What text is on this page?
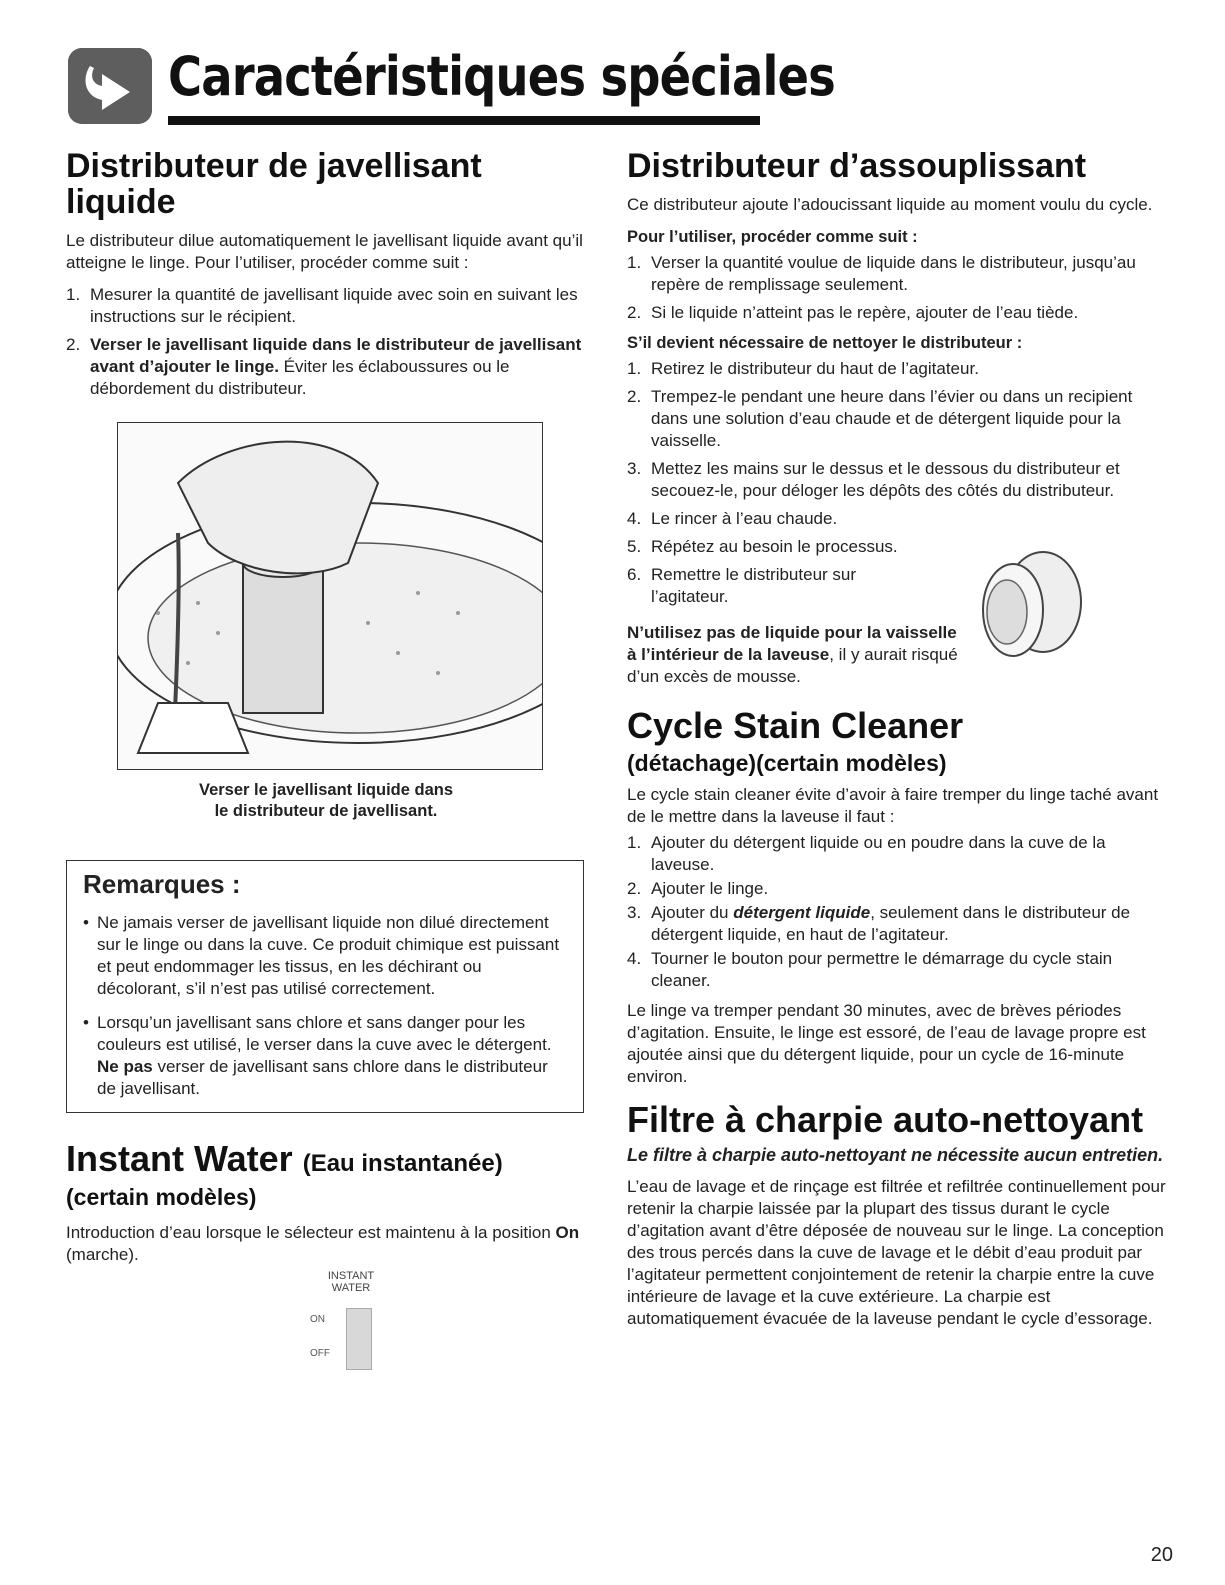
Caractéristiques spéciales
Distributeur de javellisant liquide

Le distributeur dilue automatiquement le javellisant liquide avant qu’il atteigne le linge. Pour l’utiliser, procéder comme suit :

1. Mesurer la quantité de javellisant liquide avec soin en suivant les instructions sur le récipient.
2. Verser le javellisant liquide dans le distributeur de javellisant avant d’ajouter le linge. Éviter les éclaboussures ou le débordement du distributeur.

Verser le javellisant liquide dans
le distributeur de javellisant.

Remarques :
• Ne jamais verser de javellisant liquide non dilué directement sur le linge ou dans la cuve. Ce produit chimique est puissant et peut endommager les tissus, en les déchirant ou décolorant, s’il n’est pas utilisé correctement.
• Lorsqu’un javellisant sans chlore et sans danger pour les couleurs est utilisé, le verser dans la cuve avec le détergent. Ne pas verser de javellisant sans chlore dans le distributeur de javellisant.
Instant Water (Eau instantanée)
(certain modèles)

Introduction d’eau lorsque le sélecteur est maintenu à la position On (marche).

INSTANT
WATER
ON
OFF
Distributeur d’assouplissant

Ce distributeur ajoute l’adoucissant liquide au moment voulu du cycle.

Pour l’utiliser, procéder comme suit :

1. Verser la quantité voulue de liquide dans le distributeur, jusqu’au repère de remplissage seulement.
2. Si le liquide n’atteint pas le repère, ajouter de l’eau tiède.

S’il devient nécessaire de nettoyer le distributeur :

1. Retirez le distributeur du haut de l’agitateur.
2. Trempez-le pendant une heure dans l’évier ou dans un recipient dans une solution d’eau chaude et de détergent liquide pour la vaisselle.
3. Mettez les mains sur le dessus et le dessous du distributeur et secouez-le, pour déloger les dépôts des côtés du distributeur.
4. Le rincer à l’eau chaude.
5. Répétez au besoin le processus.
6. Remettre le distributeur sur l’agitateur.

N’utilisez pas de liquide pour la vaisselle à l’intérieur de la laveuse, il y aurait risqué d’un excès de mousse.

Cycle Stain Cleaner
(détachage)(certain modèles)

Le cycle stain cleaner évite d’avoir à faire tremper du linge taché avant de le mettre dans la laveuse il faut :

1. Ajouter du détergent liquide ou en poudre dans la cuve de la laveuse.
2. Ajouter le linge.
3. Ajouter du détergent liquide, seulement dans le distributeur de détergent liquide, en haut de l’agitateur.
4. Tourner le bouton pour permettre le démarrage du cycle stain cleaner.

Le linge va tremper pendant 30 minutes, avec de brèves périodes d’agitation. Ensuite, le linge est essoré, de l’eau de lavage propre est ajoutée ainsi que du détergent liquide, pour un cycle de 16-minute environ.

Filtre à charpie auto-nettoyant

Le filtre à charpie auto-nettoyant ne nécessite aucun entretien.

L’eau de lavage et de rinçage est filtrée et refiltrée continuellement pour retenir la charpie laissée par la plupart des tissus durant le cycle d’agitation avant d’être déposée de nouveau sur le linge. La conception des trous percés dans la cuve de lavage et le débit d’eau produit par l’agitateur permettent conjointement de retenir la charpie entre la cuve intérieure de lavage et la cuve extérieure. La charpie est automatiquement évacuée de la laveuse pendant le cycle d’essorage.

20
